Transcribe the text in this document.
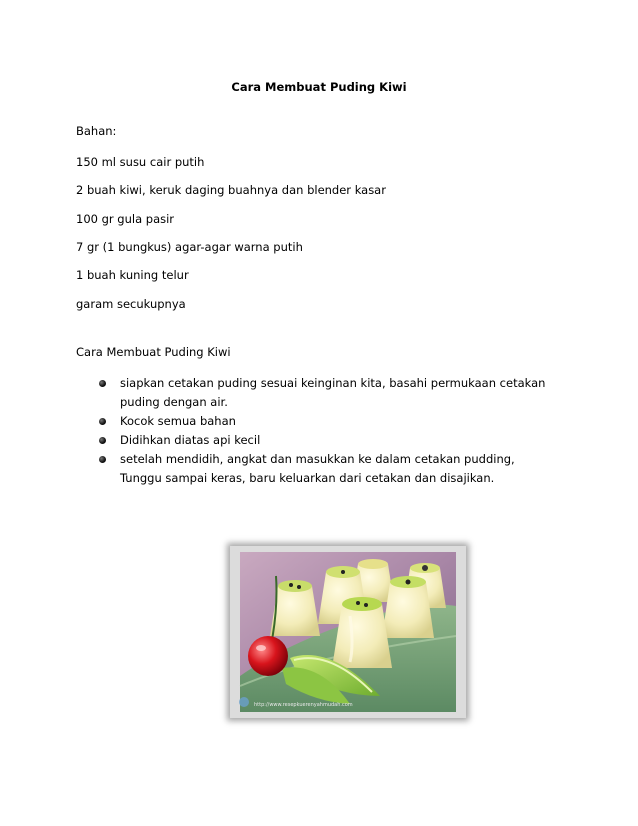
Cara Membuat Puding Kiwi
Bahan:
150 ml susu cair putih
2 buah kiwi, keruk daging buahnya dan blender kasar
100 gr gula pasir
7 gr (1 bungkus) agar-agar warna putih
1 buah kuning telur
garam secukupnya
Cara Membuat Puding Kiwi
siapkan cetakan puding sesuai keinginan kita, basahi permukaan cetakan puding dengan air.
Kocok semua bahan
Didihkan diatas api kecil
setelah mendidih, angkat dan masukkan ke dalam cetakan pudding, Tunggu sampai keras, baru keluarkan dari cetakan dan disajikan.
http://www.resepkuerenyahmudah.com
